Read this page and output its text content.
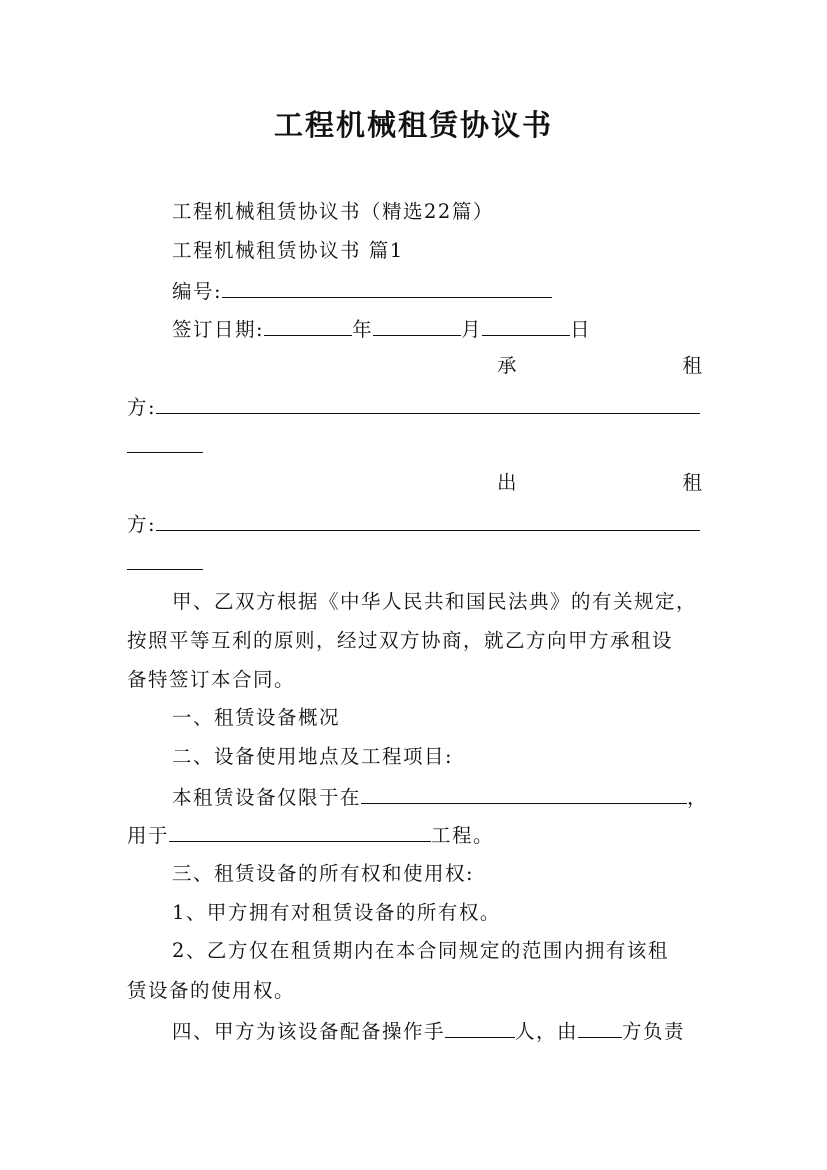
工程机械租赁协议书
工程机械租赁协议书（精选22篇）
工程机械租赁协议书 篇1
编号:
签订日期:	年	月	日
承	租
方:
出	租
方:
甲、乙双方根据《中华人民共和国民法典》的有关规定，
按照平等互利的原则，经过双方协商，就乙方向甲方承租设
备特签订本合同。
一、租赁设备概况
二、设备使用地点及工程项目:
本租赁设备仅限于在	，
用于	工程。
三、租赁设备的所有权和使用权:
1、甲方拥有对租赁设备的所有权。
2、乙方仅在租赁期内在本合同规定的范围内拥有该租
赁设备的使用权。
四、甲方为该设备配备操作手	人，由 方负责
